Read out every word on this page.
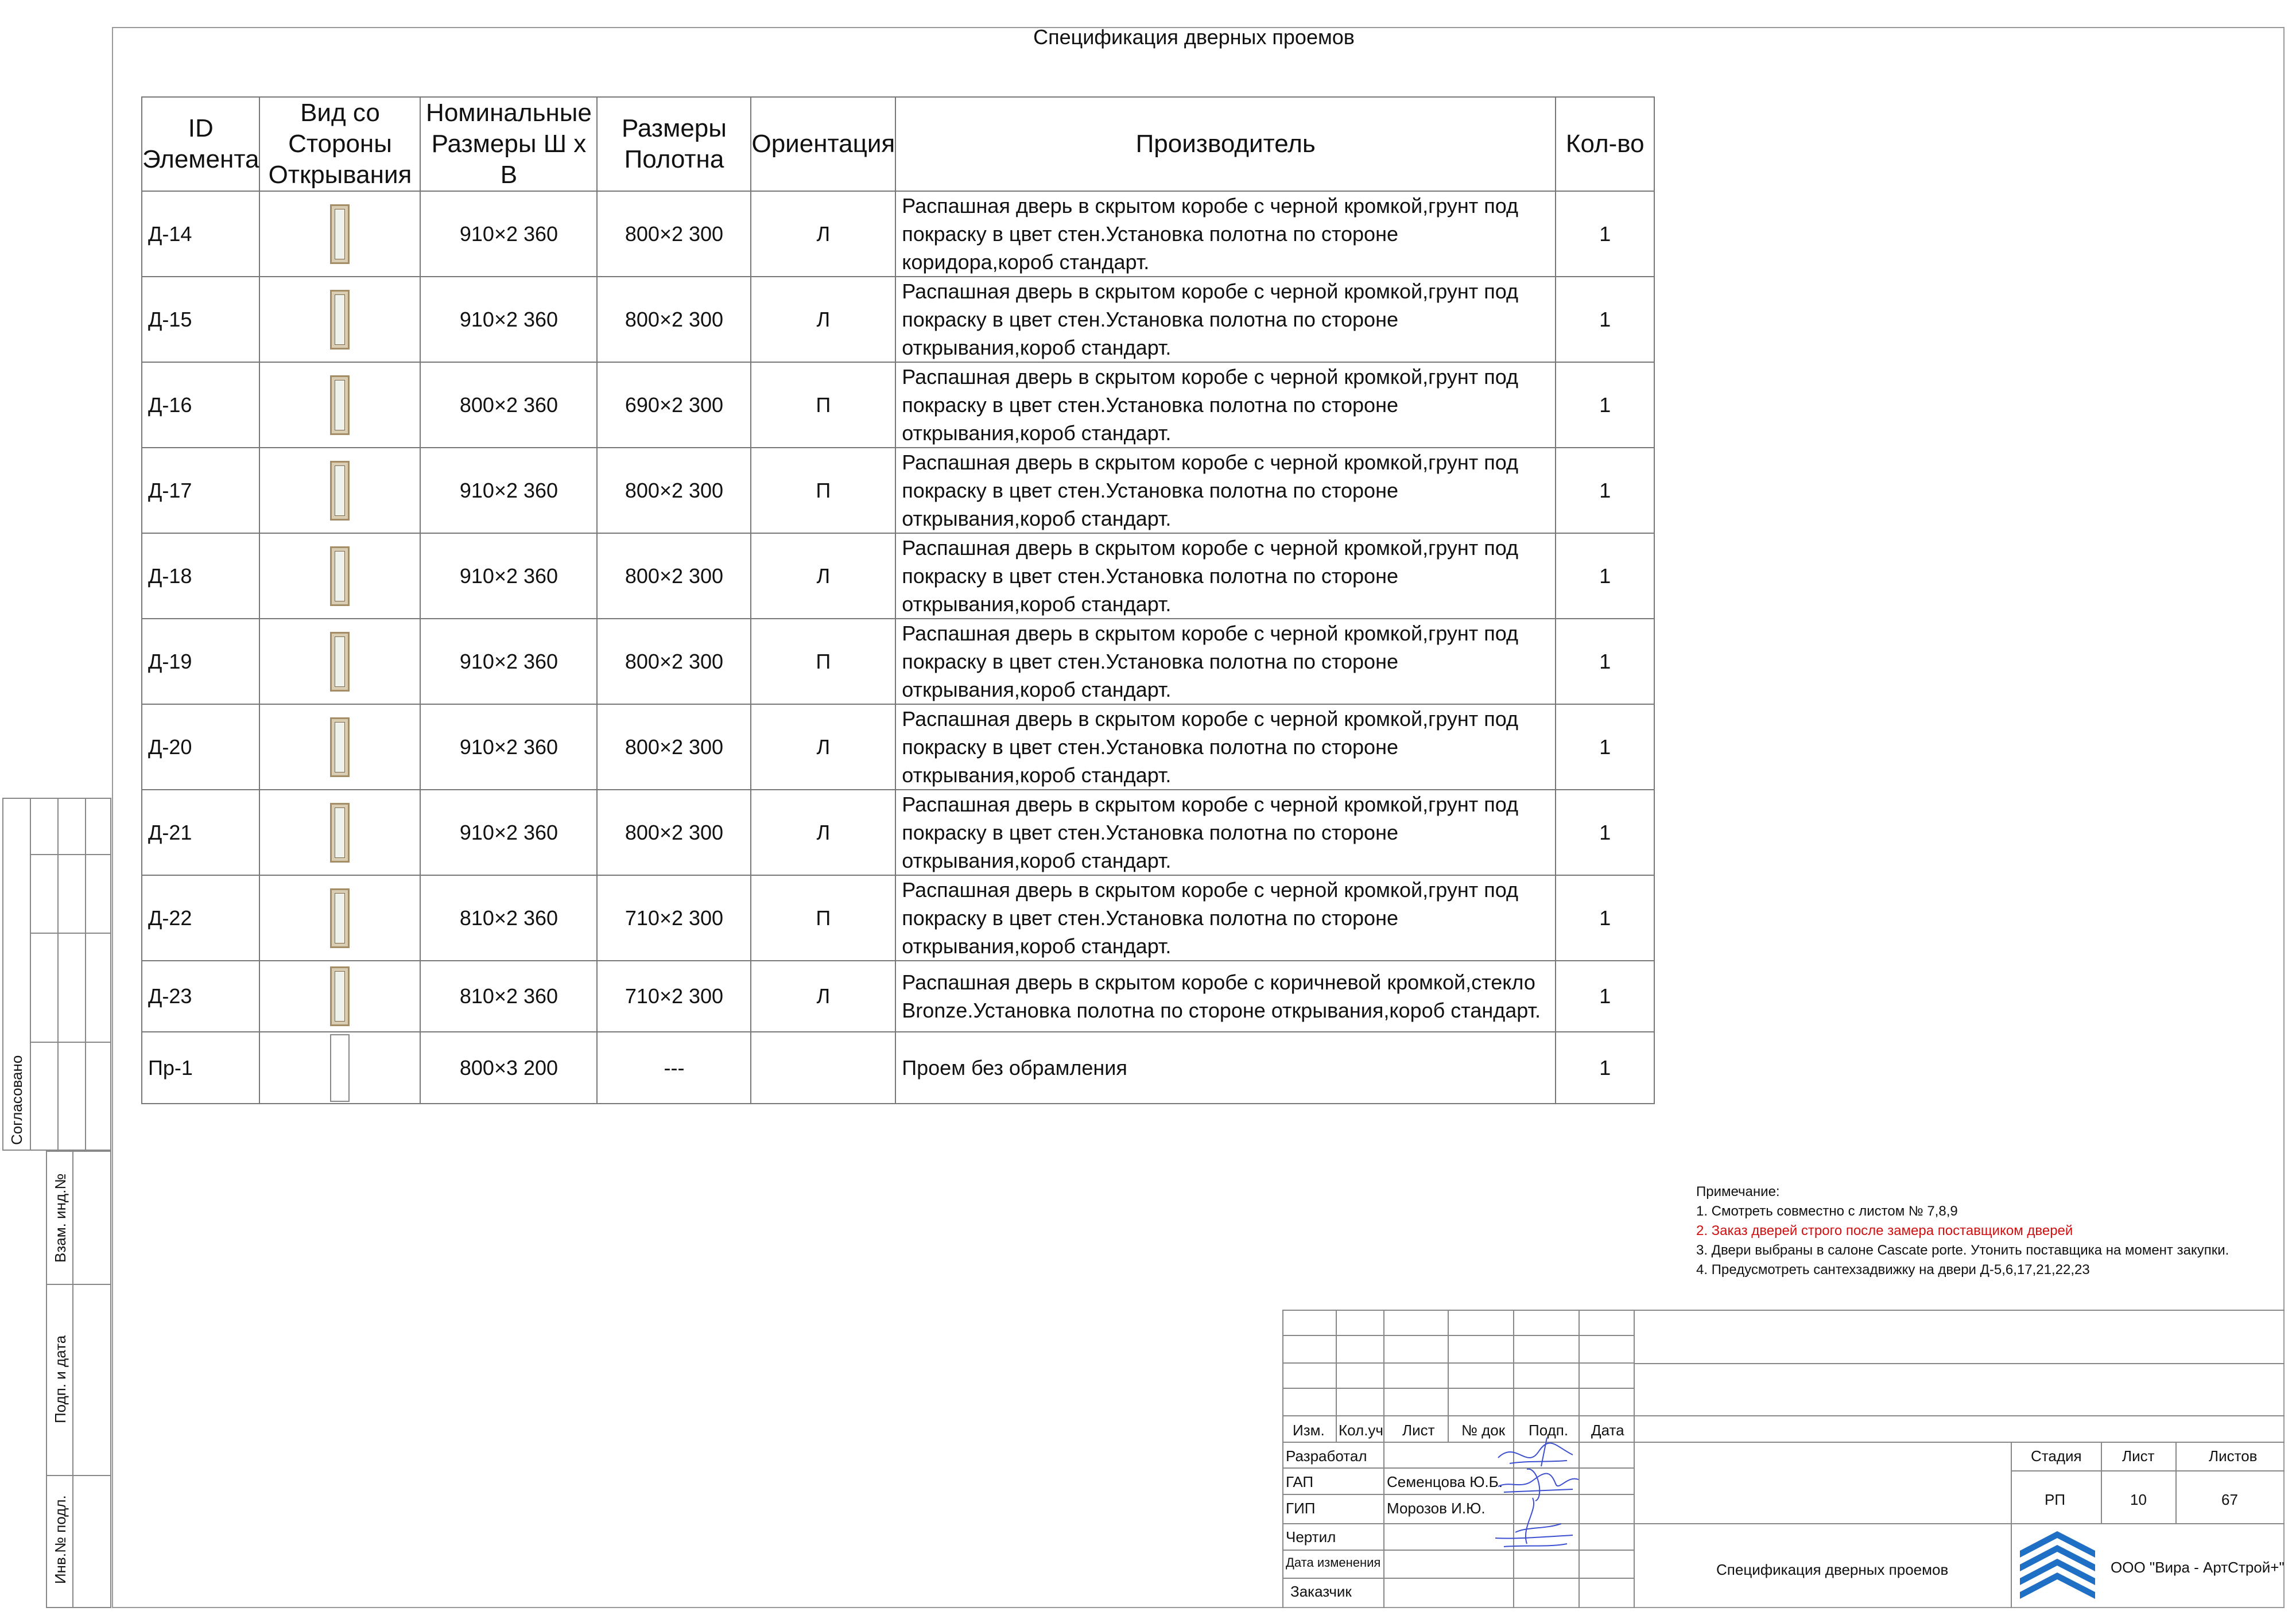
Спецификация дверных проемов
ID
Элемента	Вид со
Стороны
Открывания	Номинальные
Размеры Ш x В	Размеры
Полотна	Ориентация	Производитель	Кол-во
Д-14		910×2 360	800×2 300	Л	Распашная дверь в скрытом коробе с черной кромкой,грунт под покраску в цвет стен.Установка полотна по стороне коридора,короб стандарт.	1
Д-15		910×2 360	800×2 300	Л	Распашная дверь в скрытом коробе с черной кромкой,грунт под покраску в цвет стен.Установка полотна по стороне открывания,короб стандарт.	1
Д-16		800×2 360	690×2 300	П	Распашная дверь в скрытом коробе с черной кромкой,грунт под покраску в цвет стен.Установка полотна по стороне открывания,короб стандарт.	1
Д-17		910×2 360	800×2 300	П	Распашная дверь в скрытом коробе с черной кромкой,грунт под покраску в цвет стен.Установка полотна по стороне открывания,короб стандарт.	1
Д-18		910×2 360	800×2 300	Л	Распашная дверь в скрытом коробе с черной кромкой,грунт под покраску в цвет стен.Установка полотна по стороне открывания,короб стандарт.	1
Д-19		910×2 360	800×2 300	П	Распашная дверь в скрытом коробе с черной кромкой,грунт под покраску в цвет стен.Установка полотна по стороне открывания,короб стандарт.	1
Д-20		910×2 360	800×2 300	Л	Распашная дверь в скрытом коробе с черной кромкой,грунт под покраску в цвет стен.Установка полотна по стороне открывания,короб стандарт.	1
Д-21		910×2 360	800×2 300	Л	Распашная дверь в скрытом коробе с черной кромкой,грунт под покраску в цвет стен.Установка полотна по стороне открывания,короб стандарт.	1
Д-22		810×2 360	710×2 300	П	Распашная дверь в скрытом коробе с черной кромкой,грунт под покраску в цвет стен.Установка полотна по стороне открывания,короб стандарт.	1
Д-23		810×2 360	710×2 300	Л	Распашная дверь в скрытом коробе с коричневой кромкой,стекло Bronze.Установка полотна по стороне открывания,короб стандарт.	1
Пр-1		800×3 200	---		Проем без обрамления	1
Согласовано
Взам. инд.№
Подп. и дата
Инв.№ подл.
Примечание:
1. Смотреть совместно с листом № 7,8,9
2. Заказ дверей строго после замера поставщиком дверей
3. Двери выбраны в салоне Cascate porte. Утонить поставщика на момент закупки.
4. Предусмотреть сантехзадвижку на двери Д-5,6,17,21,22,23
Изм. Кол.уч Лист № док Подп. Дата
Разработал
ГАП
ГИП
Чертил
Дата изменения
Заказчик
Семенцова Ю.Б.
Морозов И.Ю.
Стадия	Лист	Листов
РП	10	67
Спецификация дверных проемов	ООО "Вира - АртСтрой+"
